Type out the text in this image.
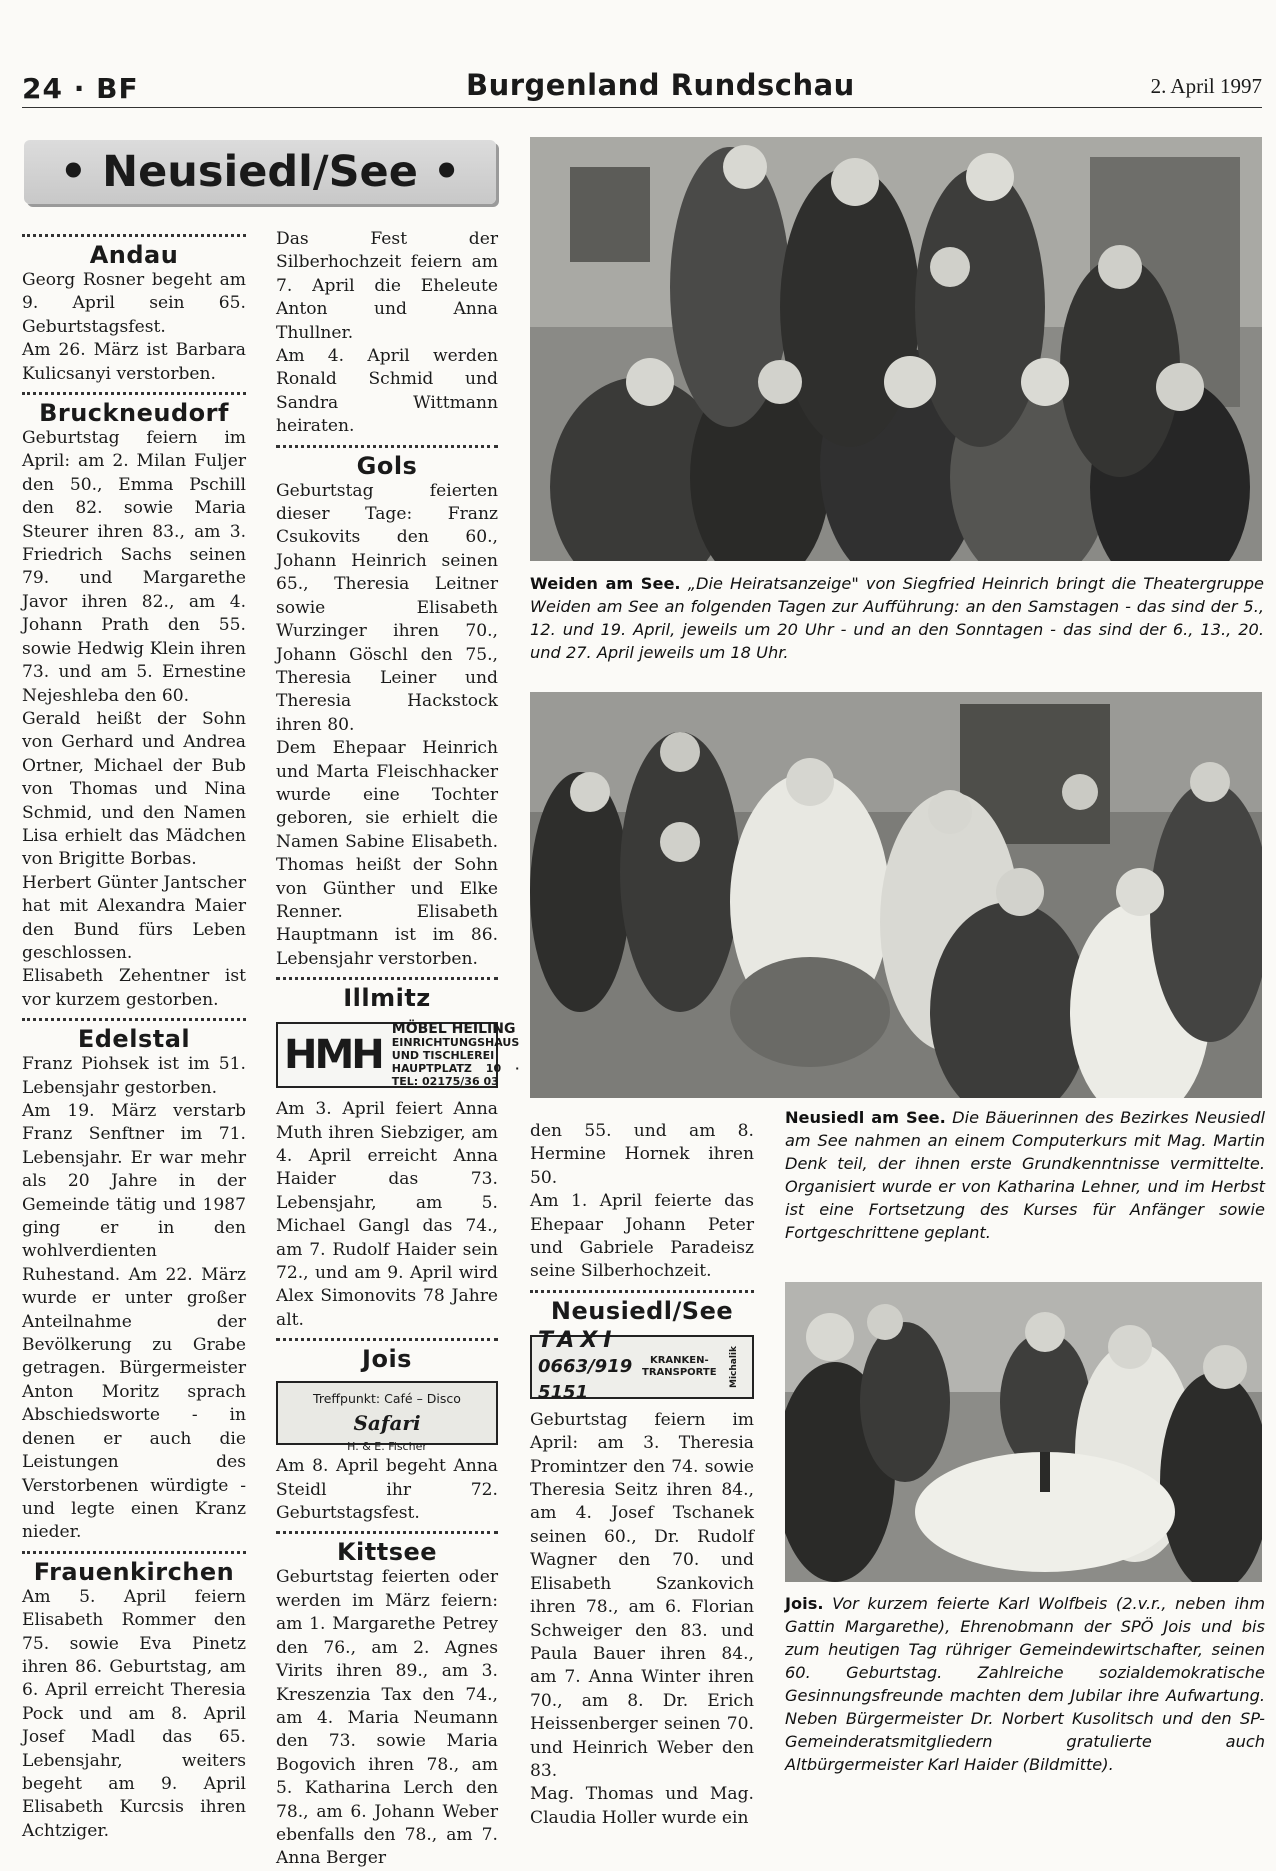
24 · BF	Burgenland Rundschau	2. April 1997
• Neusiedl/See •
Andau

Georg Rosner begeht am 9. April sein 65. Geburtstagsfest.

Am 26. März ist Barbara Kulicsanyi verstorben.

Bruckneudorf

Geburtstag feiern im April: am 2. Milan Fuljer den 50., Emma Pschill den 82. sowie Maria Steurer ihren 83., am 3. Friedrich Sachs seinen 79. und Margarethe Javor ihren 82., am 4. Johann Prath den 55. sowie Hedwig Klein ihren 73. und am 5. Ernestine Nejeshleba den 60.

Gerald heißt der Sohn von Gerhard und Andrea Ortner, Michael der Bub von Thomas und Nina Schmid, und den Namen Lisa erhielt das Mädchen von Brigitte Borbas.

Herbert Günter Jantscher hat mit Alexandra Maier den Bund fürs Leben geschlossen.

Elisabeth Zehentner ist vor kurzem gestorben.

Edelstal

Franz Piohsek ist im 51. Lebensjahr gestorben.

Am 19. März verstarb Franz Senftner im 71. Lebensjahr. Er war mehr als 20 Jahre in der Gemeinde tätig und 1987 ging er in den wohlverdienten Ruhestand. Am 22. März wurde er unter großer Anteilnahme der Bevölkerung zu Grabe getragen. Bürgermeister Anton Moritz sprach Abschiedsworte - in denen er auch die Leistungen des Verstorbenen würdigte - und legte einen Kranz nieder.

Frauenkirchen

Am 5. April feiern Elisabeth Rommer den 75. sowie Eva Pinetz ihren 86. Geburtstag, am 6. April erreicht Theresia Pock und am 8. April Josef Madl das 65. Lebensjahr, weiters begeht am 9. April Elisabeth Kurcsis ihren Achtziger.

Das Fest der Silberhochzeit feiern am 7. April die Eheleute Anton und Anna Thullner.

Am 4. April werden Ronald Schmid und Sandra Wittmann heiraten.

Gols

Geburtstag feierten dieser Tage: Franz Csukovits den 60., Johann Heinrich seinen 65., Theresia Leitner sowie Elisabeth Wurzinger ihren 70., Johann Göschl den 75., Theresia Leiner und Theresia Hackstock ihren 80.

Dem Ehepaar Heinrich und Marta Fleischhacker wurde eine Tochter geboren, sie erhielt die Namen Sabine Elisabeth. Thomas heißt der Sohn von Günther und Elke Renner. Elisabeth Hauptmann ist im 86. Lebensjahr verstorben.

Illmitz
HMH
MÖBEL HEILING
EINRICHTUNGSHAUS
UND TISCHLEREI
HAUPTPLATZ 10 · TEL: 02175/36 03

Am 3. April feiert Anna Muth ihren Siebziger, am 4. April erreicht Anna Haider das 73. Lebensjahr, am 5. Michael Gangl das 74., am 7. Rudolf Haider sein 72., und am 9. April wird Alex Simonovits 78 Jahre alt.

Jois
Treffpunkt: Café – Disco
Safari
H. & E. Fischer

Am 8. April begeht Anna Steidl ihr 72. Geburtstagsfest.

Kittsee

Geburtstag feierten oder werden im März feiern: am 1. Margarethe Petrey den 76., am 2. Agnes Virits ihren 89., am 3. Kreszenzia Tax den 74., am 4. Maria Neumann den 73. sowie Maria Bogovich ihren 78., am 5. Katharina Lerch den 78., am 6. Johann Weber ebenfalls den 78., am 7. Anna Berger

den 55. und am 8. Hermine Hornek ihren 50.

Am 1. April feierte das Ehepaar Johann Peter und Gabriele Paradeisz seine Silberhochzeit.

Neusiedl/See
TAXI
0663/919 5151
KRANKEN-
TRANSPORTE	Michalik

Geburtstag feiern im April: am 3. Theresia Promintzer den 74. sowie Theresia Seitz ihren 84., am 4. Josef Tschanek seinen 60., Dr. Rudolf Wagner den 70. und Elisabeth Szankovich ihren 78., am 6. Florian Schweiger den 83. und Paula Bauer ihren 84., am 7. Anna Winter ihren 70., am 8. Dr. Erich Heissenberger seinen 70. und Heinrich Weber den 83.

Mag. Thomas und Mag. Claudia Holler wurde ein

Weiden am See. „Die Heiratsanzeige" von Siegfried Heinrich bringt die Theatergruppe Weiden am See an folgenden Tagen zur Aufführung: an den Samstagen - das sind der 5., 12. und 19. April, jeweils um 20 Uhr - und an den Sonntagen - das sind der 6., 13., 20. und 27. April jeweils um 18 Uhr.
Neusiedl am See. Die Bäuerinnen des Bezirkes Neusiedl am See nahmen an einem Computerkurs mit Mag. Martin Denk teil, der ihnen erste Grundkenntnisse vermittelte. Organisiert wurde er von Katharina Lehner, und im Herbst ist eine Fortsetzung des Kurses für Anfänger sowie Fortgeschrittene geplant.
Jois. Vor kurzem feierte Karl Wolfbeis (2.v.r., neben ihm Gattin Margarethe), Ehrenobmann der SPÖ Jois und bis zum heutigen Tag rühriger Gemeindewirtschafter, seinen 60. Geburtstag. Zahlreiche sozialdemokratische Gesinnungsfreunde machten dem Jubilar ihre Aufwartung. Neben Bürgermeister Dr. Norbert Kusolitsch und den SP-Gemeinderatsmitgliedern gratulierte auch Altbürgermeister Karl Haider (Bildmitte).
